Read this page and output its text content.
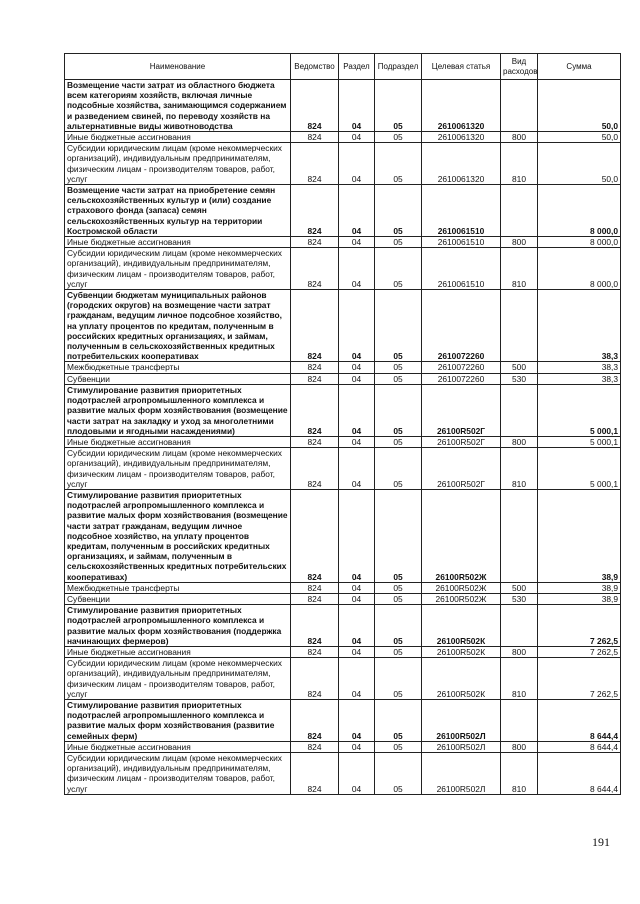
Наименование	Ведомство	Раздел	Подраздел	Целевая статья	Вид расходов	Сумма
Возмещение части затрат из областного бюджета всем категориям хозяйств, включая личные подсобные хозяйства, занимающимся содержанием и разведением свиней, по переводу хозяйств на альтернативные виды животноводства	824	04	05	2610061320		50,0
Иные бюджетные ассигнования	824	04	05	2610061320	800	50,0
Субсидии юридическим лицам (кроме некоммерческих организаций), индивидуальным предпринимателям, физическим лицам - производителям товаров, работ, услуг	824	04	05	2610061320	810	50,0
Возмещение части затрат на приобретение семян сельскохозяйственных культур и (или) создание страхового фонда (запаса) семян сельскохозяйственных культур на территории Костромской области	824	04	05	2610061510		8 000,0
Иные бюджетные ассигнования	824	04	05	2610061510	800	8 000,0
Субсидии юридическим лицам (кроме некоммерческих организаций), индивидуальным предпринимателям, физическим лицам - производителям товаров, работ, услуг	824	04	05	2610061510	810	8 000,0
Субвенции бюджетам муниципальных районов (городских округов) на возмещение части затрат гражданам, ведущим личное подсобное хозяйство, на уплату процентов по кредитам, полученным в российских кредитных организациях, и займам, полученным в сельскохозяйственных кредитных потребительских кооперативах	824	04	05	2610072260		38,3
Межбюджетные трансферты	824	04	05	2610072260	500	38,3
Субвенции	824	04	05	2610072260	530	38,3
Стимулирование развития приоритетных подотраслей агропромышленного комплекса и развитие малых форм хозяйствования (возмещение части затрат на закладку и уход за многолетними плодовыми и ягодными насаждениями)	824	04	05	26100R502Г		5 000,1
Иные бюджетные ассигнования	824	04	05	26100R502Г	800	5 000,1
Субсидии юридическим лицам (кроме некоммерческих организаций), индивидуальным предпринимателям, физическим лицам - производителям товаров, работ, услуг	824	04	05	26100R502Г	810	5 000,1
Стимулирование развития приоритетных подотраслей агропромышленного комплекса и развитие малых форм хозяйствования (возмещение части затрат гражданам, ведущим личное подсобное хозяйство, на уплату процентов кредитам, полученным в российских кредитных организациях, и займам, полученным в сельскохозяйственных кредитных потребительских кооперативах)	824	04	05	26100R502Ж		38,9
Межбюджетные трансферты	824	04	05	26100R502Ж	500	38,9
Субвенции	824	04	05	26100R502Ж	530	38,9
Стимулирование развития приоритетных подотраслей агропромышленного комплекса и развитие малых форм хозяйствования (поддержка начинающих фермеров)	824	04	05	26100R502К		7 262,5
Иные бюджетные ассигнования	824	04	05	26100R502К	800	7 262,5
Субсидии юридическим лицам (кроме некоммерческих организаций), индивидуальным предпринимателям, физическим лицам - производителям товаров, работ, услуг	824	04	05	26100R502К	810	7 262,5
Стимулирование развития приоритетных подотраслей агропромышленного комплекса и развитие малых форм хозяйствования (развитие семейных ферм)	824	04	05	26100R502Л		8 644,4
Иные бюджетные ассигнования	824	04	05	26100R502Л	800	8 644,4
Субсидии юридическим лицам (кроме некоммерческих организаций), индивидуальным предпринимателям, физическим лицам - производителям товаров, работ, услуг	824	04	05	26100R502Л	810	8 644,4
191
